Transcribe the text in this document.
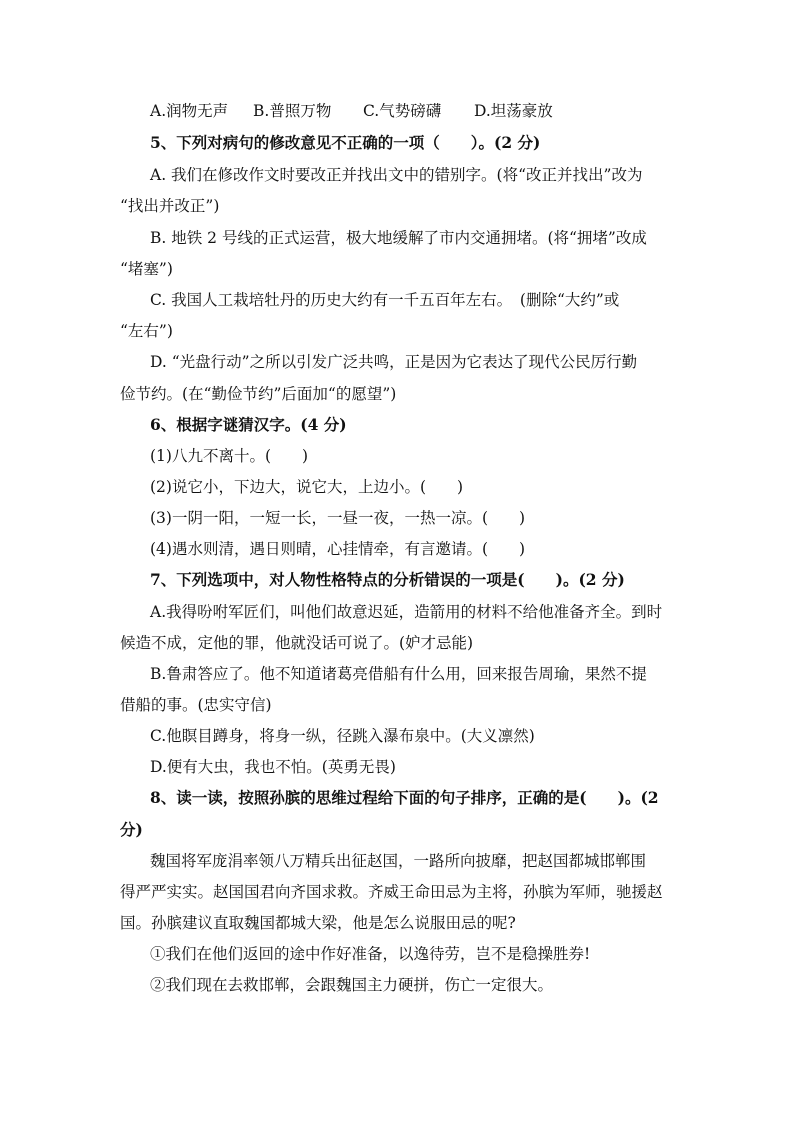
A.润物无声 B.普照万物 C.气势磅礴 D.坦荡豪放
5、下列对病句的修改意见不正确的一项（　　）。(2 分)
A. 我们在修改作文时要改正并找出文中的错别字。(将“改正并找出”改为
“找出并改正”)
B. 地铁 2 号线的正式运营，极大地缓解了市内交通拥堵。(将“拥堵”改成
“堵塞”)
C. 我国人工栽培牡丹的历史大约有一千五百年左右。　(删除“大约”或
“左右”)
D. “光盘行动”之所以引发广泛共鸣，正是因为它表达了现代公民厉行勤
俭节约。(在“勤俭节约”后面加“的愿望”)
6、根据字谜猜汉字。(4 分)
(1)八九不离十。(　　)
(2)说它小，下边大，说它大，上边小。(　　)
(3)一阴一阳，一短一长，一昼一夜，一热一凉。(　　)
(4)遇水则清，遇日则晴，心挂情牵，有言邀请。(　　)
7、下列选项中，对人物性格特点的分析错误的一项是(　　)。(2 分)
A.我得吩咐军匠们，叫他们故意迟延，造箭用的材料不给他准备齐全。到时
候造不成，定他的罪，他就没话可说了。(妒才忌能)
B.鲁肃答应了。他不知道诸葛亮借船有什么用，回来报告周瑜，果然不提
借船的事。(忠实守信)
C.他瞑目蹲身，将身一纵，径跳入瀑布泉中。(大义凛然)
D.便有大虫，我也不怕。(英勇无畏)
8、读一读，按照孙膑的思维过程给下面的句子排序，正确的是(　　)。(2
分)
魏国将军庞涓率领八万精兵出征赵国，一路所向披靡，把赵国都城邯郸围
得严严实实。赵国国君向齐国求救。齐威王命田忌为主将，孙膑为军师，驰援赵
国。孙膑建议直取魏国都城大梁，他是怎么说服田忌的呢?
①我们在他们返回的途中作好准备，以逸待劳，岂不是稳操胜券!
②我们现在去救邯郸，会跟魏国主力硬拼，伤亡一定很大。
